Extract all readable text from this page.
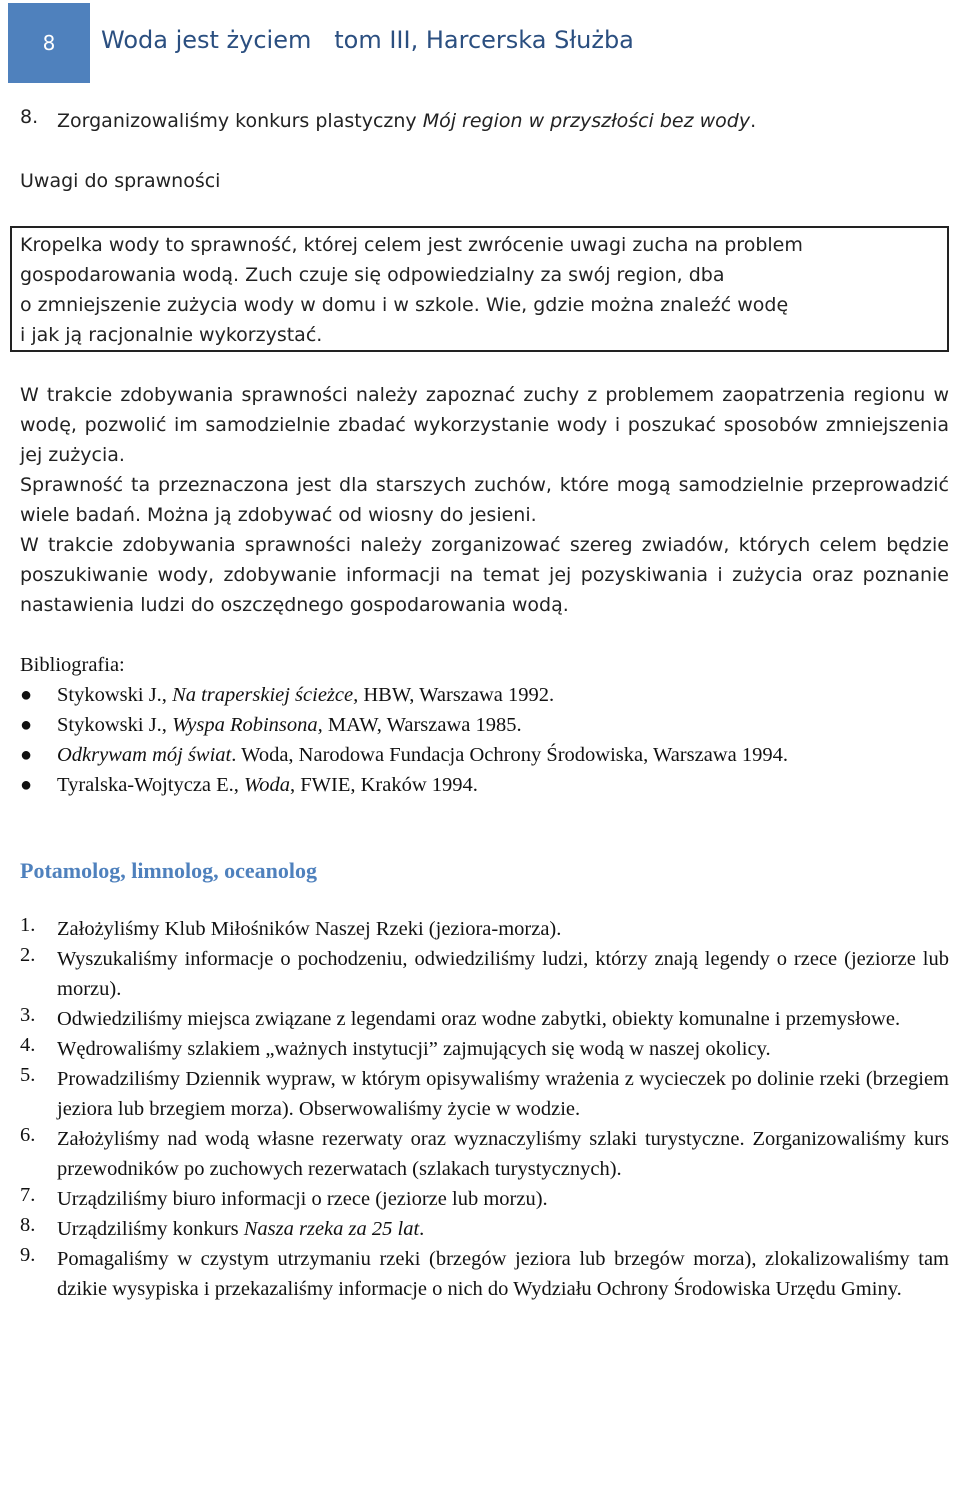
8 Woda jest życiem   tom III, Harcerska Służba
8. Zorganizowaliśmy konkurs plastyczny Mój region w przyszłości bez wody.
Uwagi do sprawności
Kropelka wody to sprawność, której celem jest zwrócenie uwagi zucha na problem
gospodarowania wodą. Zuch czuje się odpowiedzialny za swój region, dba
o zmniejszenie zużycia wody w domu i w szkole. Wie, gdzie można znaleźć wodę
i jak ją racjonalnie wykorzystać.
W trakcie zdobywania sprawności należy zapoznać zuchy z problemem zaopatrzenia regionu w wodę, pozwolić im samodzielnie zbadać wykorzystanie wody i poszukać sposobów zmniejszenia jej zużycia.
Sprawność ta przeznaczona jest dla starszych zuchów, które mogą samodzielnie przeprowadzić wiele badań. Można ją zdobywać od wiosny do jesieni.
W trakcie zdobywania sprawności należy zorganizować szereg zwiadów, których celem będzie poszukiwanie wody, zdobywanie informacji na temat jej pozyskiwania i zużycia oraz poznanie nastawienia ludzi do oszczędnego gospodarowania wodą.
Bibliografia:
●	Stykowski J., Na traperskiej ścieżce, HBW, Warszawa 1992.
●	Stykowski J., Wyspa Robinsona, MAW, Warszawa 1985.
●	Odkrywam mój świat. Woda, Narodowa Fundacja Ochrony Środowiska, Warszawa 1994.
●	Tyralska-Wojtycza E., Woda, FWIE, Kraków 1994.
Potamolog, limnolog, oceanolog
1.	Założyliśmy Klub Miłośników Naszej Rzeki (jeziora-morza).
2.	Wyszukaliśmy informacje o pochodzeniu, odwiedziliśmy ludzi, którzy znają legendy o rzece (jeziorze lub morzu).
3.	Odwiedziliśmy miejsca związane z legendami oraz wodne zabytki, obiekty komunalne i przemysłowe.
4.	Wędrowaliśmy szlakiem „ważnych instytucji” zajmujących się wodą w naszej okolicy.
5.	Prowadziliśmy Dziennik wypraw, w którym opisywaliśmy wrażenia z wycieczek po dolinie rzeki (brzegiem jeziora lub brzegiem morza). Obserwowaliśmy życie w wodzie.
6.	Założyliśmy nad wodą własne rezerwaty oraz wyznaczyliśmy szlaki turystyczne. Zorganizowaliśmy kurs przewodników po zuchowych rezerwatach (szlakach turystycznych).
7.	Urządziliśmy biuro informacji o rzece (jeziorze lub morzu).
8.	Urządziliśmy konkurs Nasza rzeka za 25 lat.
9.	Pomagaliśmy w czystym utrzymaniu rzeki (brzegów jeziora lub brzegów morza), zlokalizowaliśmy tam dzikie wysypiska i przekazaliśmy informacje o nich do Wydziału Ochrony Środowiska Urzędu Gminy.
